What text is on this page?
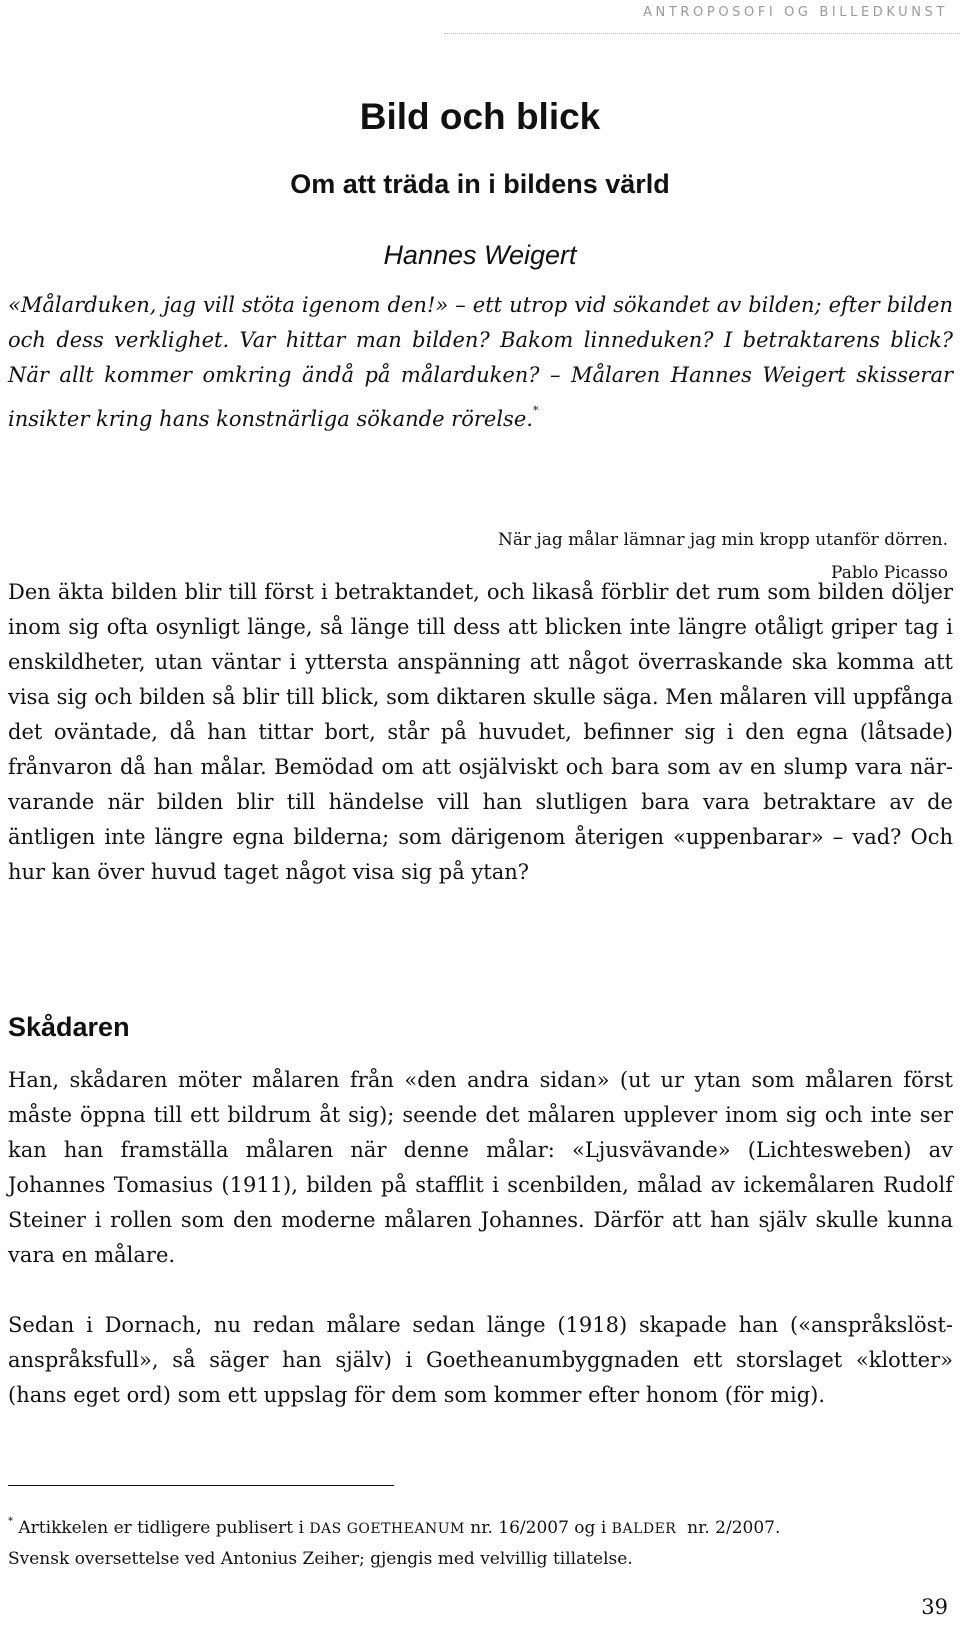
ANTROPOSOFI OG BILLEDKUNST
Bild och blick
Om att träda in i bildens värld
Hannes Weigert

«Målarduken, jag vill stöta igenom den!» – ett utrop vid sökandet av bilden; efter bilden och dess verklighet. Var hittar man bilden? Bakom linneduken? I betraktarens blick? När allt kommer omkring ändå på målarduken? – Målaren Hannes Weigert skisserar insikter kring hans konstnärliga sökande rörelse.*

När jag målar lämnar jag min kropp utanför dörren.
Pablo Picasso

Den äkta bilden blir till först i betraktandet, och likaså förblir det rum som bilden döljer inom sig ofta osynligt länge, så länge till dess att blicken inte längre otåligt griper tag i enskildheter, utan väntar i yttersta anspänning att något överraskande ska komma att visa sig och bilden så blir till blick, som diktaren skulle säga. Men målaren vill uppfånga det oväntade, då han tittar bort, står på huvudet, befinner sig i den egna (låtsade) frånvaron då han målar. Bemödad om att osjälviskt och bara som av en slump vara när-varande när bilden blir till händelse vill han slutligen bara vara betraktare av de äntligen inte längre egna bilderna; som därigenom återigen «uppenbarar» – vad? Och hur kan över huvud taget något visa sig på ytan?

Skådaren

Han, skådaren möter målaren från «den andra sidan» (ut ur ytan som målaren först måste öppna till ett bildrum åt sig); seende det målaren upplever inom sig och inte ser kan han framställa målaren när denne målar: «Ljusvävande» (Lichtesweben) av Johannes Tomasius (1911), bilden på stafflit i scenbilden, målad av ickemålaren Rudolf Steiner i rollen som den moderne målaren Johannes. Därför att han själv skulle kunna vara en målare.

Sedan i Dornach, nu redan målare sedan länge (1918) skapade han («anspråkslöst-anspråksfull», så säger han själv) i Goetheanumbyggnaden ett storslaget «klotter» (hans eget ord) som ett uppslag för dem som kommer efter honom (för mig).

* Artikkelen er tidligere publisert i DAS GOETHEANUM nr. 16/2007 og i BALDER nr. 2/2007.
Svensk oversettelse ved Antonius Zeiher; gjengis med velvillig tillatelse.

39
